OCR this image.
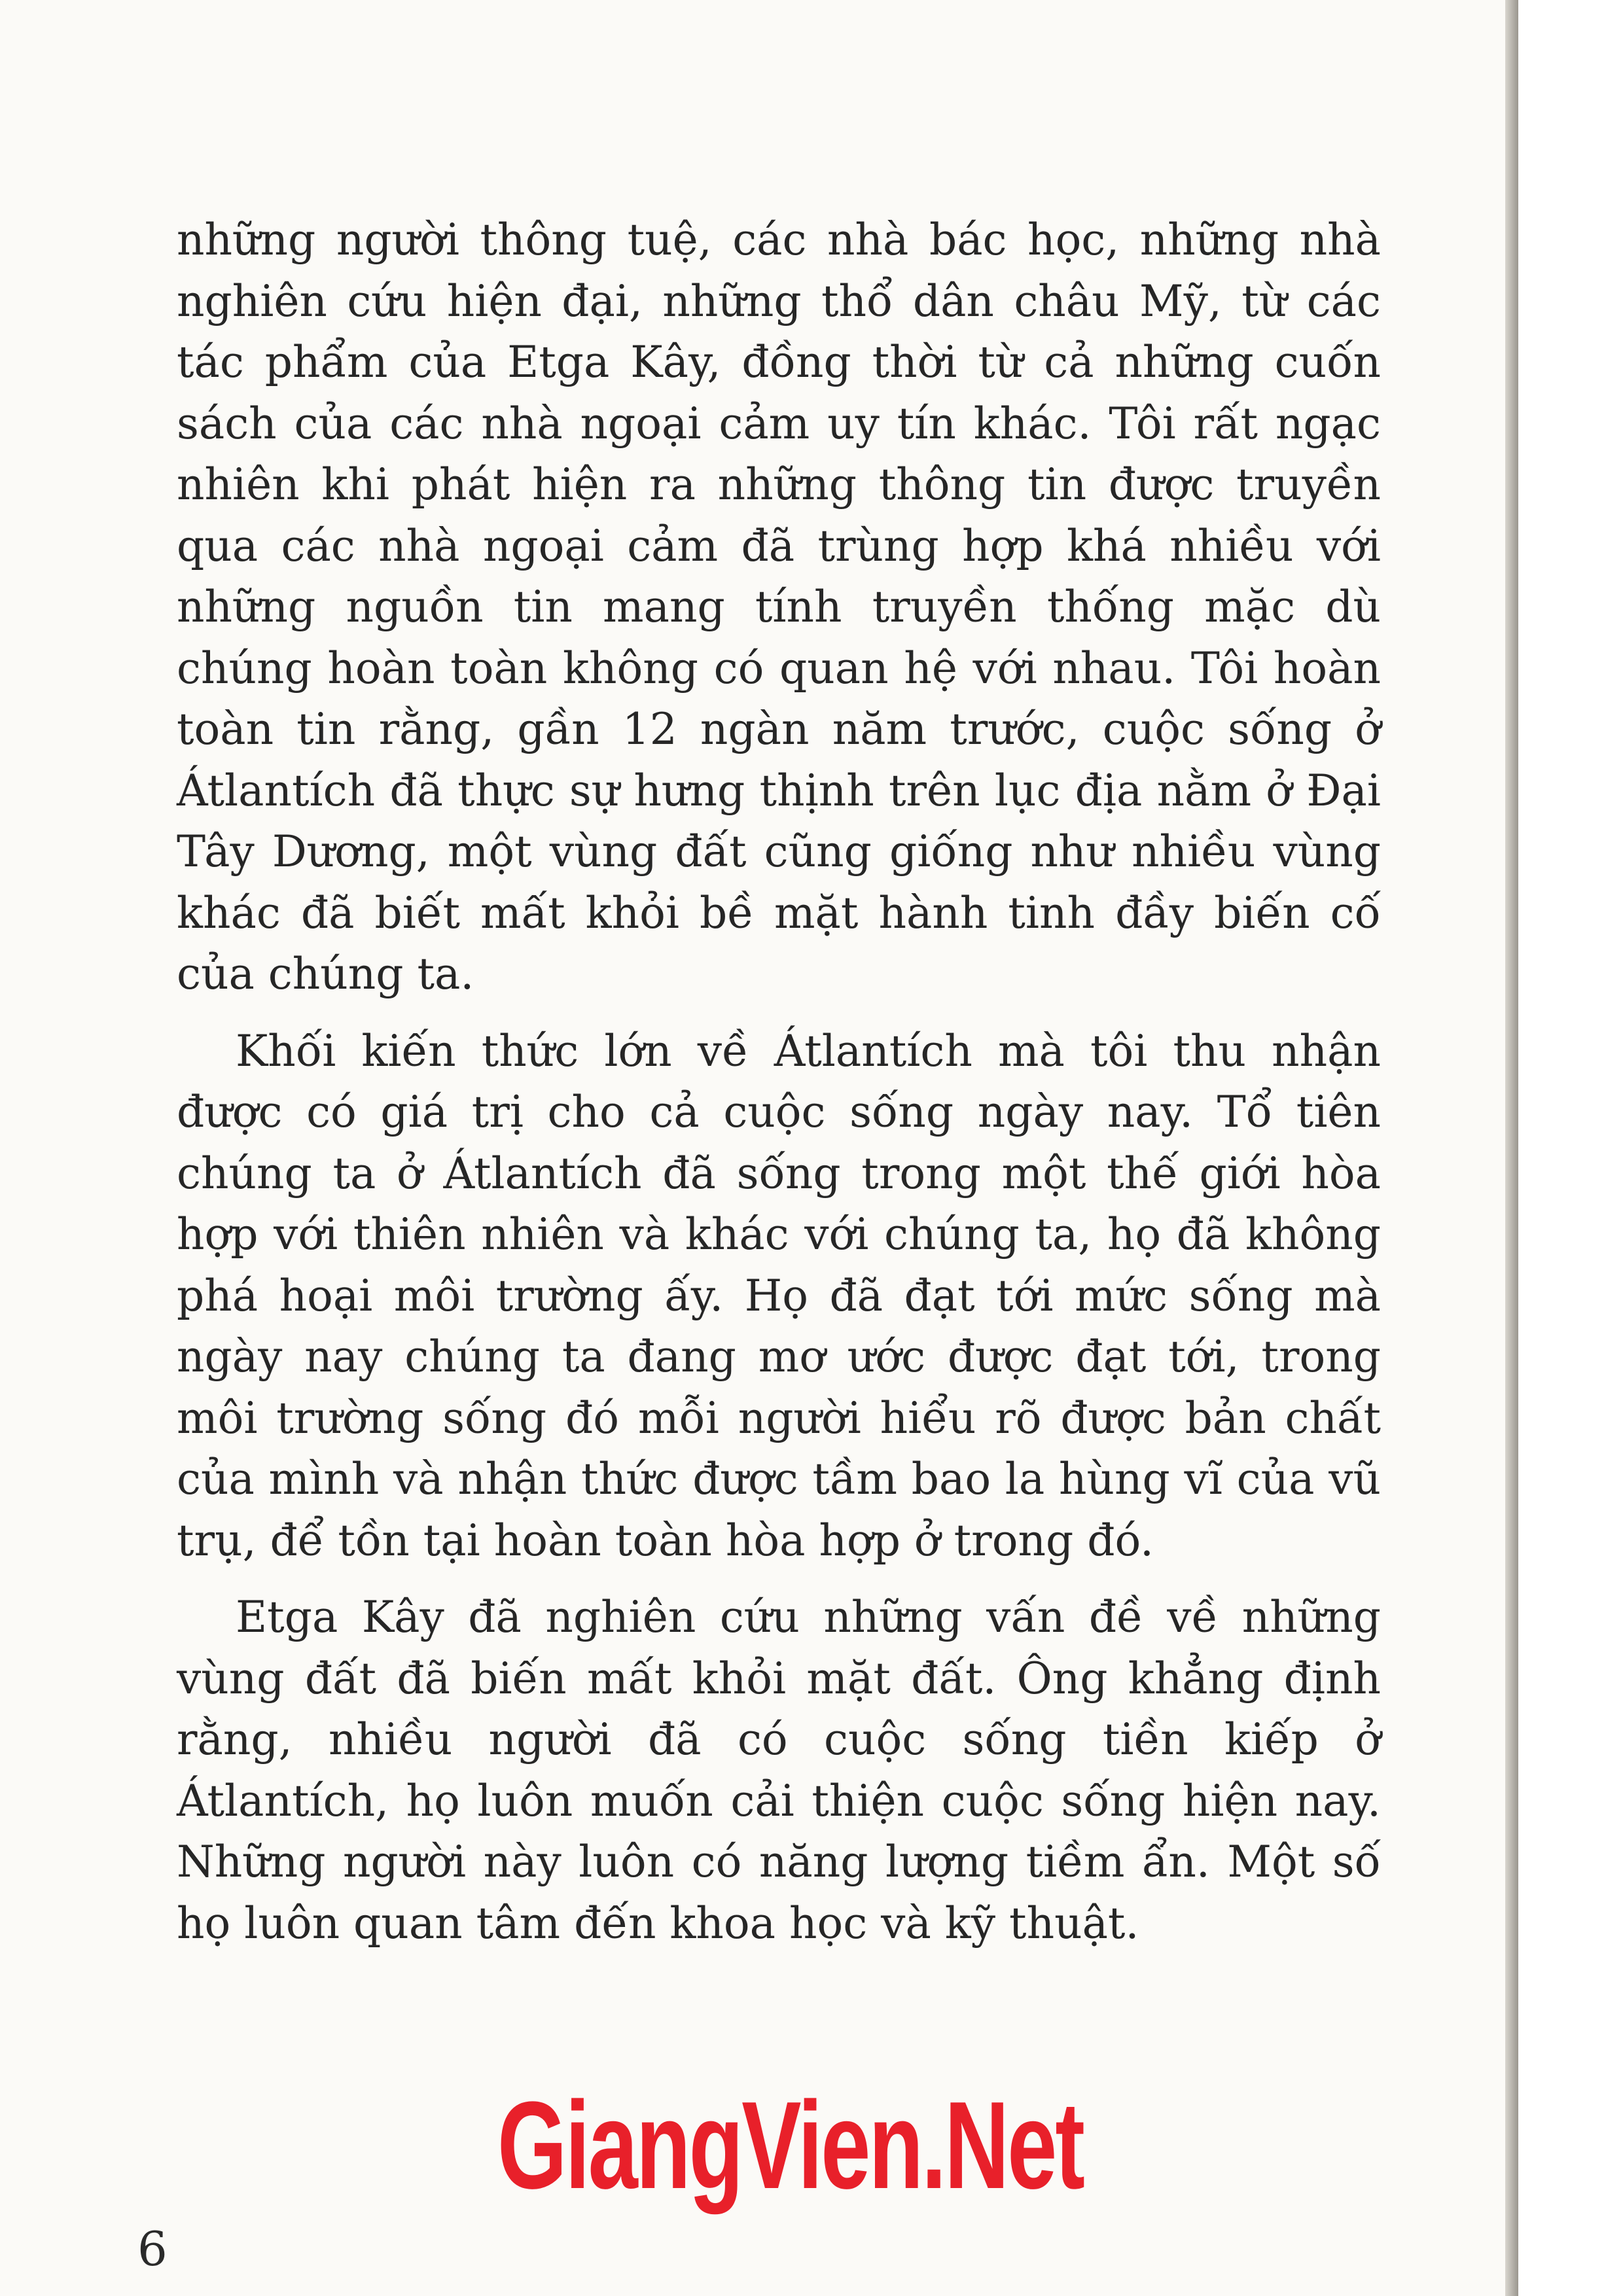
những người thông tuệ, các nhà bác học, những nhà nghiên cứu hiện đại, những thổ dân châu Mỹ, từ các tác phẩm của Etga Kây, đồng thời từ cả những cuốn sách của các nhà ngoại cảm uy tín khác. Tôi rất ngạc nhiên khi phát hiện ra những thông tin được truyền qua các nhà ngoại cảm đã trùng hợp khá nhiều với những nguồn tin mang tính truyền thống mặc dù chúng hoàn toàn không có quan hệ với nhau. Tôi hoàn toàn tin rằng, gần 12 ngàn năm trước, cuộc sống ở Átlantích đã thực sự hưng thịnh trên lục địa nằm ở Đại Tây Dương, một vùng đất cũng giống như nhiều vùng khác đã biết mất khỏi bề mặt hành tinh đầy biến cố của chúng ta.

Khối kiến thức lớn về Átlantích mà tôi thu nhận được có giá trị cho cả cuộc sống ngày nay. Tổ tiên chúng ta ở Átlantích đã sống trong một thế giới hòa hợp với thiên nhiên và khác với chúng ta, họ đã không phá hoại môi trường ấy. Họ đã đạt tới mức sống mà ngày nay chúng ta đang mơ ước được đạt tới, trong môi trường sống đó mỗi người hiểu rõ được bản chất của mình và nhận thức được tầm bao la hùng vĩ của vũ trụ, để tồn tại hoàn toàn hòa hợp ở trong đó.

Etga Kây đã nghiên cứu những vấn đề về những vùng đất đã biến mất khỏi mặt đất. Ông khẳng định rằng, nhiều người đã có cuộc sống tiền kiếp ở Átlantích, họ luôn muốn cải thiện cuộc sống hiện nay. Những người này luôn có năng lượng tiềm ẩn. Một số họ luôn quan tâm đến khoa học và kỹ thuật.

GiangVien.Net
6
